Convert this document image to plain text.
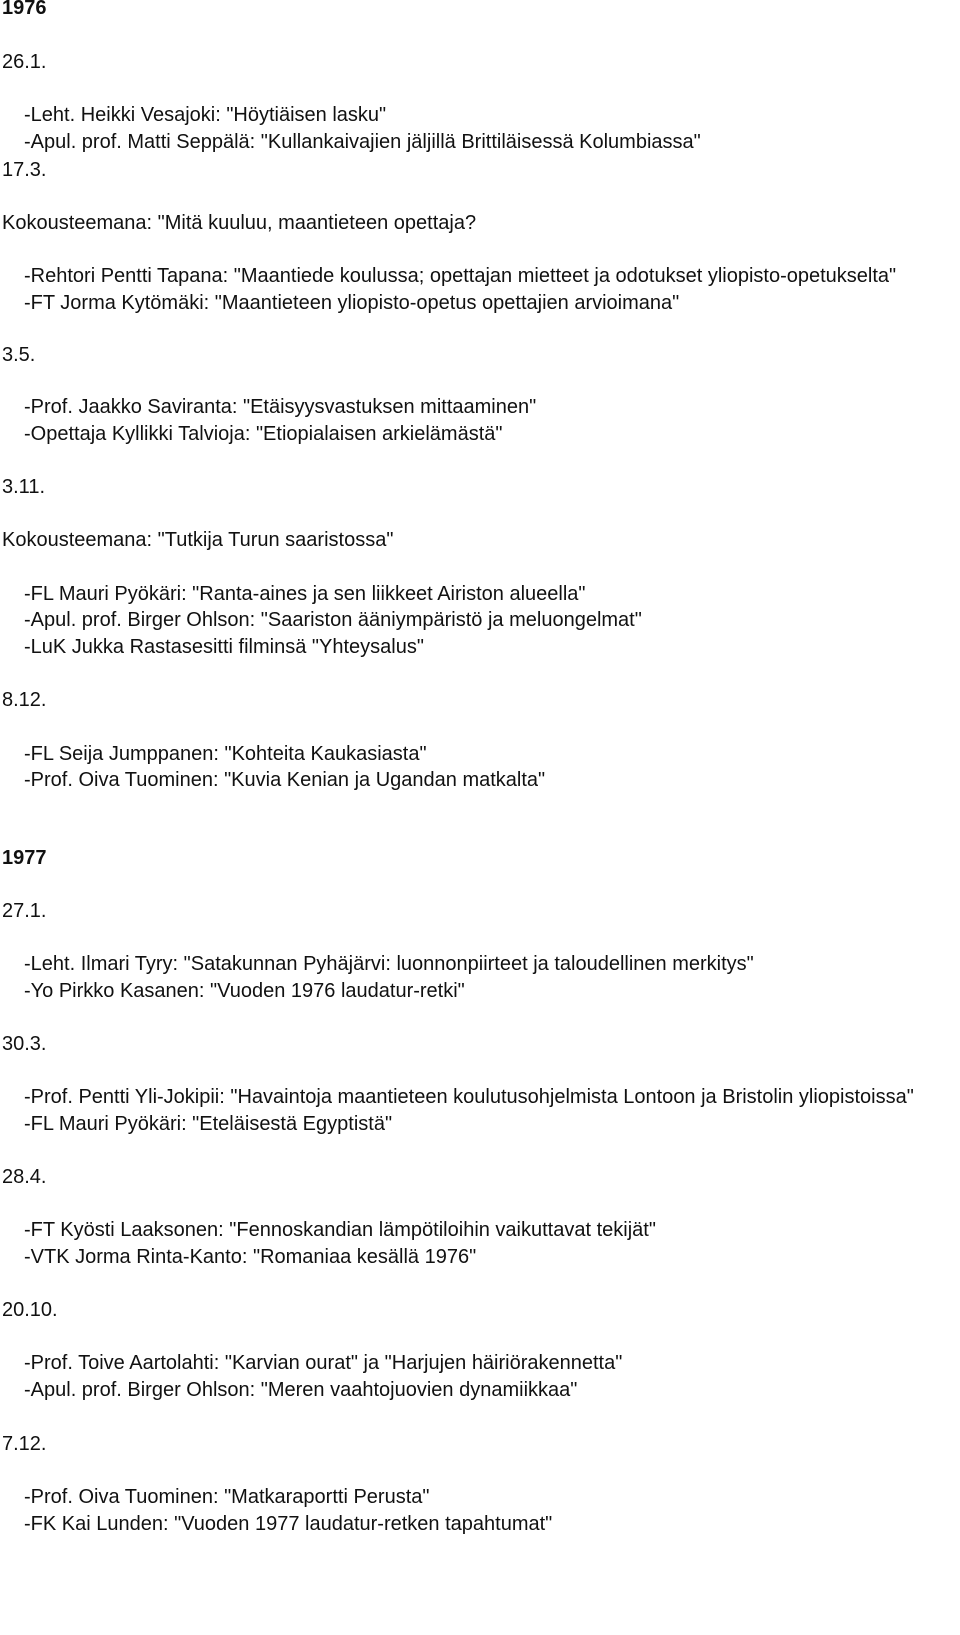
1976
26.1.
-Leht. Heikki Vesajoki: "Höytiäisen lasku"
-Apul. prof. Matti Seppälä: "Kullankaivajien jäljillä Brittiläisessä Kolumbiassa"
17.3.
Kokousteemana: "Mitä kuuluu, maantieteen opettaja?
-Rehtori Pentti Tapana: "Maantiede koulussa; opettajan mietteet ja odotukset yliopisto-opetukselta"
-FT Jorma Kytömäki: "Maantieteen yliopisto-opetus opettajien arvioimana"
3.5.
-Prof. Jaakko Saviranta: "Etäisyysvastuksen mittaaminen"
-Opettaja Kyllikki Talvioja: "Etiopialaisen arkielämästä"
3.11.
Kokousteemana: "Tutkija Turun saaristossa"
-FL Mauri Pyökäri: "Ranta-aines ja sen liikkeet Airiston alueella"
-Apul. prof. Birger Ohlson: "Saariston ääniympäristö ja meluongelmat"
-LuK Jukka Rastasesitti filminsä "Yhteysalus"
8.12.
-FL Seija Jumppanen: "Kohteita Kaukasiasta"
-Prof. Oiva Tuominen: "Kuvia Kenian ja Ugandan matkalta"
1977
27.1.
-Leht. Ilmari Tyry: "Satakunnan Pyhäjärvi: luonnonpiirteet ja taloudellinen merkitys"
-Yo Pirkko Kasanen: "Vuoden 1976 laudatur-retki"
30.3.
-Prof. Pentti Yli-Jokipii: "Havaintoja maantieteen koulutusohjelmista Lontoon ja Bristolin yliopistoissa"
-FL Mauri Pyökäri: "Eteläisestä Egyptistä"
28.4.
-FT Kyösti Laaksonen: "Fennoskandian lämpötiloihin vaikuttavat tekijät"
-VTK Jorma Rinta-Kanto: "Romaniaa kesällä 1976"
20.10.
-Prof. Toive Aartolahti: "Karvian ourat" ja "Harjujen häiriörakennetta"
-Apul. prof. Birger Ohlson: "Meren vaahtojuovien dynamiikkaa"
7.12.
-Prof. Oiva Tuominen: "Matkaraportti Perusta"
-FK Kai Lunden: "Vuoden 1977 laudatur-retken tapahtumat"
